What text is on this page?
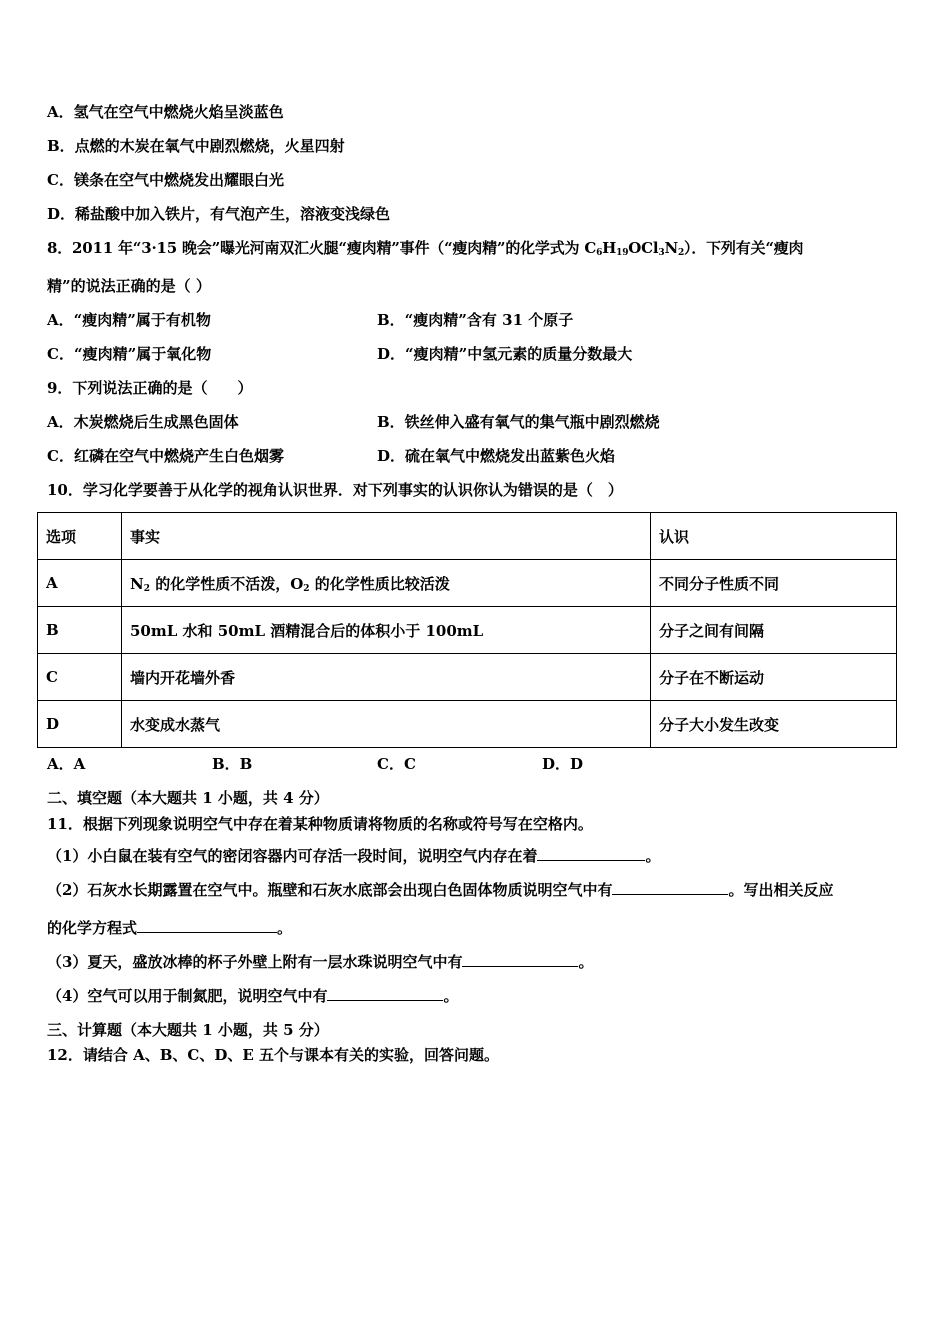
A．氢气在空气中燃烧火焰呈淡蓝色
B．点燃的木炭在氧气中剧烈燃烧，火星四射
C．镁条在空气中燃烧发出耀眼白光
D．稀盐酸中加入铁片，有气泡产生，溶液变浅绿色
8．2011 年“3·15 晚会”曝光河南双汇火腿“瘦肉精”事件（“瘦肉精”的化学式为 $C_6H_{19}OCl_3N_2$）．下列有关“瘦肉
精”的说法正确的是（ ）
A．“瘦肉精”属于有机物	B．“瘦肉精”含有 31 个原子
C．“瘦肉精”属于氧化物	D．“瘦肉精”中氢元素的质量分数最大
9．下列说法正确的是（　　）
A．木炭燃烧后生成黑色固体	B．铁丝伸入盛有氧气的集气瓶中剧烈燃烧
C．红磷在空气中燃烧产生白色烟雾	D．硫在氧气中燃烧发出蓝紫色火焰
10．学习化学要善于从化学的视角认识世界．对下列事实的认识你认为错误的是（　）
选项	事实	认识
A	$N_2$ 的化学性质不活泼，$O_2$ 的化学性质比较活泼	不同分子性质不同
B	50mL 水和 50mL 酒精混合后的体积小于 100mL	分子之间有间隔
C	墙内开花墙外香	分子在不断运动
D	水变成水蒸气	分子大小发生改变
A．A	B．B	C．C	D．D
二、填空题（本大题共 1 小题，共 4 分）
11．根据下列现象说明空气中存在着某种物质请将物质的名称或符号写在空格内。
（1）小白鼠在装有空气的密闭容器内可存活一段时间，说明空气内存在着	。
（2）石灰水长期露置在空气中。瓶壁和石灰水底部会出现白色固体物质说明空气中有	。写出相关反应
的化学方程式	。
（3）夏天，盛放冰棒的杯子外壁上附有一层水珠说明空气中有	。
（4）空气可以用于制氮肥，说明空气中有	。
三、计算题（本大题共 1 小题，共 5 分）
12．请结合 A、B、C、D、E 五个与课本有关的实验，回答问题。
